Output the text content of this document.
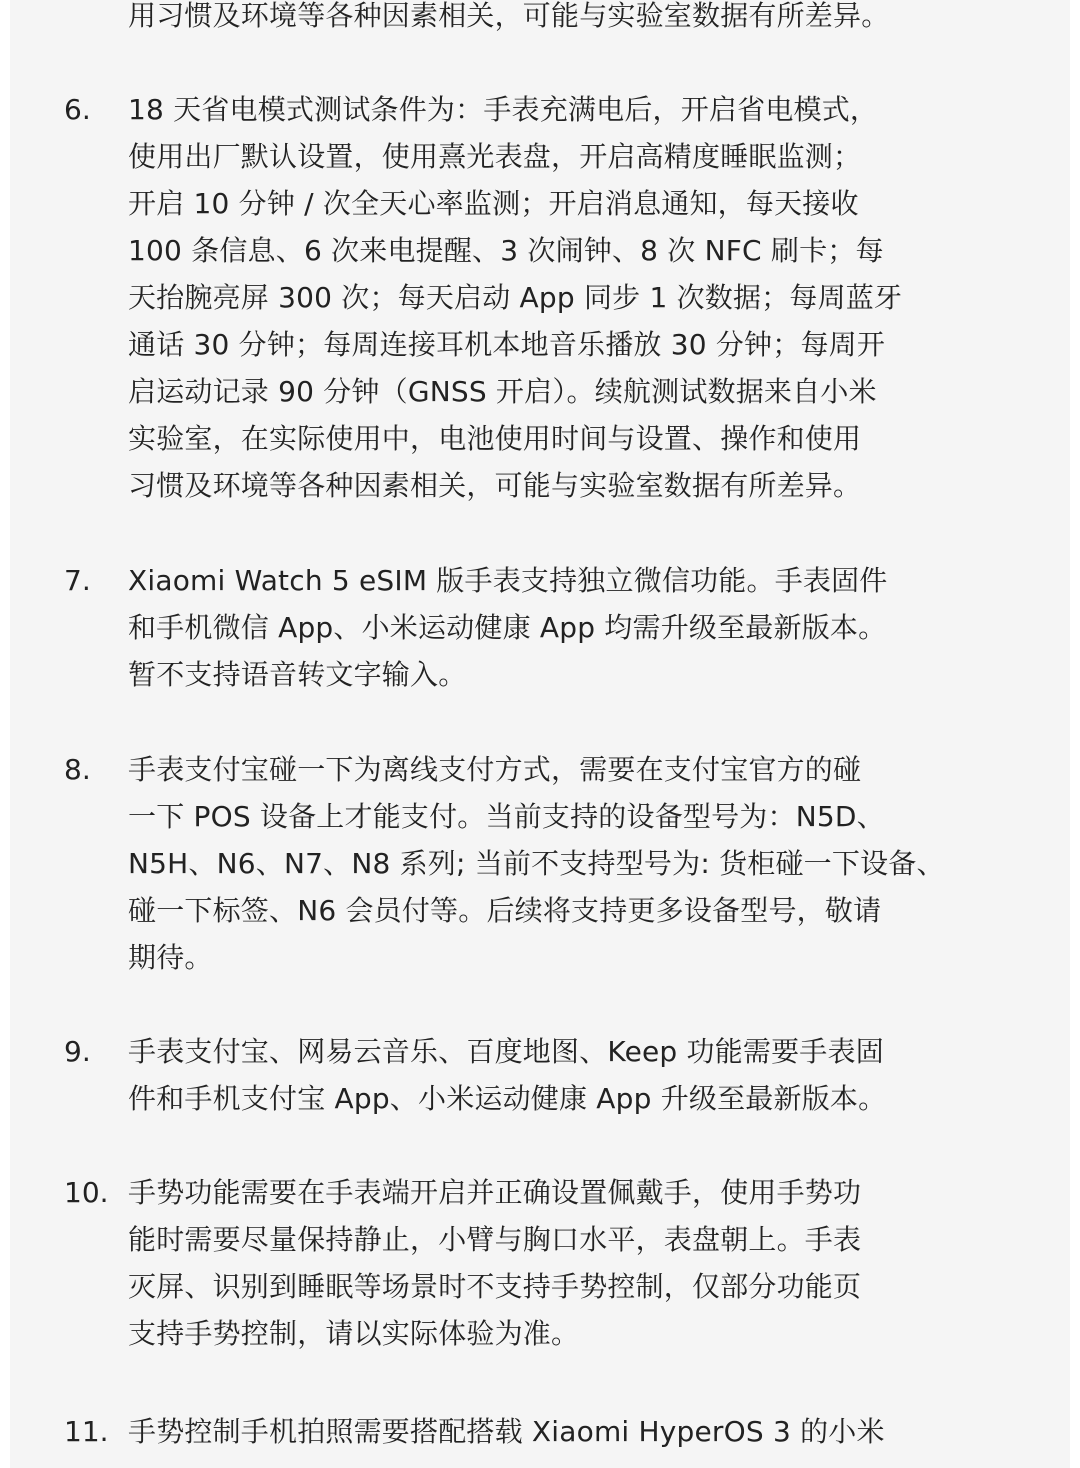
用习惯及环境等各种因素相关，可能与实验室数据有所差异。
6. 18 天省电模式测试条件为：手表充满电后，开启省电模式，
使用出厂默认设置，使用熹光表盘，开启高精度睡眠监测；
开启 10 分钟 / 次全天心率监测；开启消息通知，每天接收
100 条信息、6 次来电提醒、3 次闹钟、8 次 NFC 刷卡；每
天抬腕亮屏 300 次；每天启动 App 同步 1 次数据；每周蓝牙
通话 30 分钟；每周连接耳机本地音乐播放 30 分钟；每周开
启运动记录 90 分钟（GNSS 开启）。续航测试数据来自小米
实验室，在实际使用中，电池使用时间与设置、操作和使用
习惯及环境等各种因素相关，可能与实验室数据有所差异。
7. Xiaomi Watch 5 eSIM 版手表支持独立微信功能。手表固件
和手机微信 App、小米运动健康 App 均需升级至最新版本。
暂不支持语音转文字输入。
8. 手表支付宝碰一下为离线支付方式，需要在支付宝官方的碰
一下 POS 设备上才能支付。当前支持的设备型号为：N5D、
N5H、N6、N7、N8 系列; 当前不支持型号为: 货柜碰一下设备、
碰一下标签、N6 会员付等。后续将支持更多设备型号，敬请
期待。
9. 手表支付宝、网易云音乐、百度地图、Keep 功能需要手表固
件和手机支付宝 App、小米运动健康 App 升级至最新版本。
10. 手势功能需要在手表端开启并正确设置佩戴手，使用手势功
能时需要尽量保持静止，小臂与胸口水平，表盘朝上。手表
灭屏、识别到睡眠等场景时不支持手势控制，仅部分功能页
支持手势控制，请以实际体验为准。
11. 手势控制手机拍照需要搭配搭载 Xiaomi HyperOS 3 的小米
